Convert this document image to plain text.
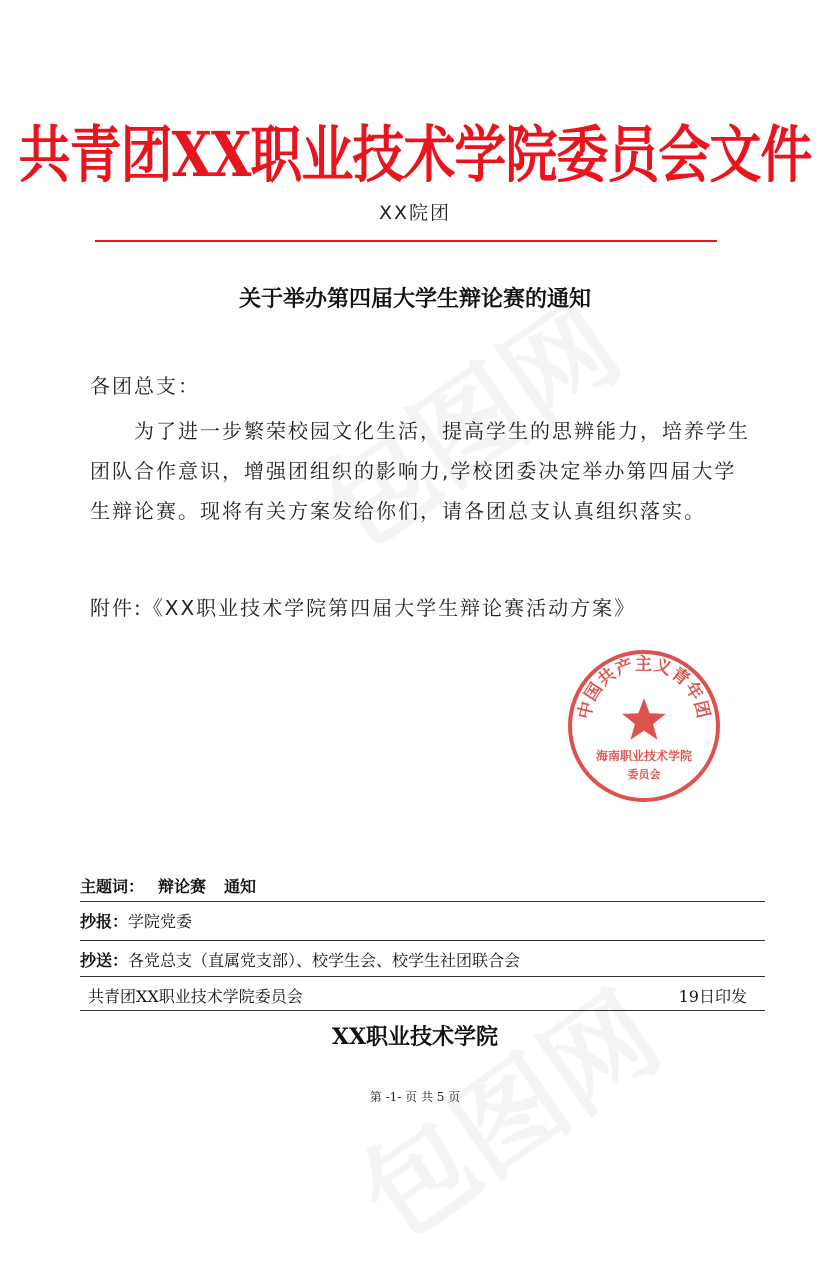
共青团XX职业技术学院委员会文件
XX院团
关于举办第四届大学生辩论赛的通知
各团总支：
为了进一步繁荣校园文化生活，提高学生的思辨能力，培养学生团队合作意识，增强团组织的影响力,学校团委决定举办第四届大学生辩论赛。现将有关方案发给你们，请各团总支认真组织落实。
附件:《XX职业技术学院第四届大学生辩论赛活动方案》
中国共产主义青年团
海南职业技术学院
委员会
主题词： 辩论赛 通知
抄报：学院党委
抄送：各党总支（直属党支部）、校学生会、校学生社团联合会
共青团XX职业技术学院委员会	19日印发
XX职业技术学院
第 -1- 页 共 5 页
